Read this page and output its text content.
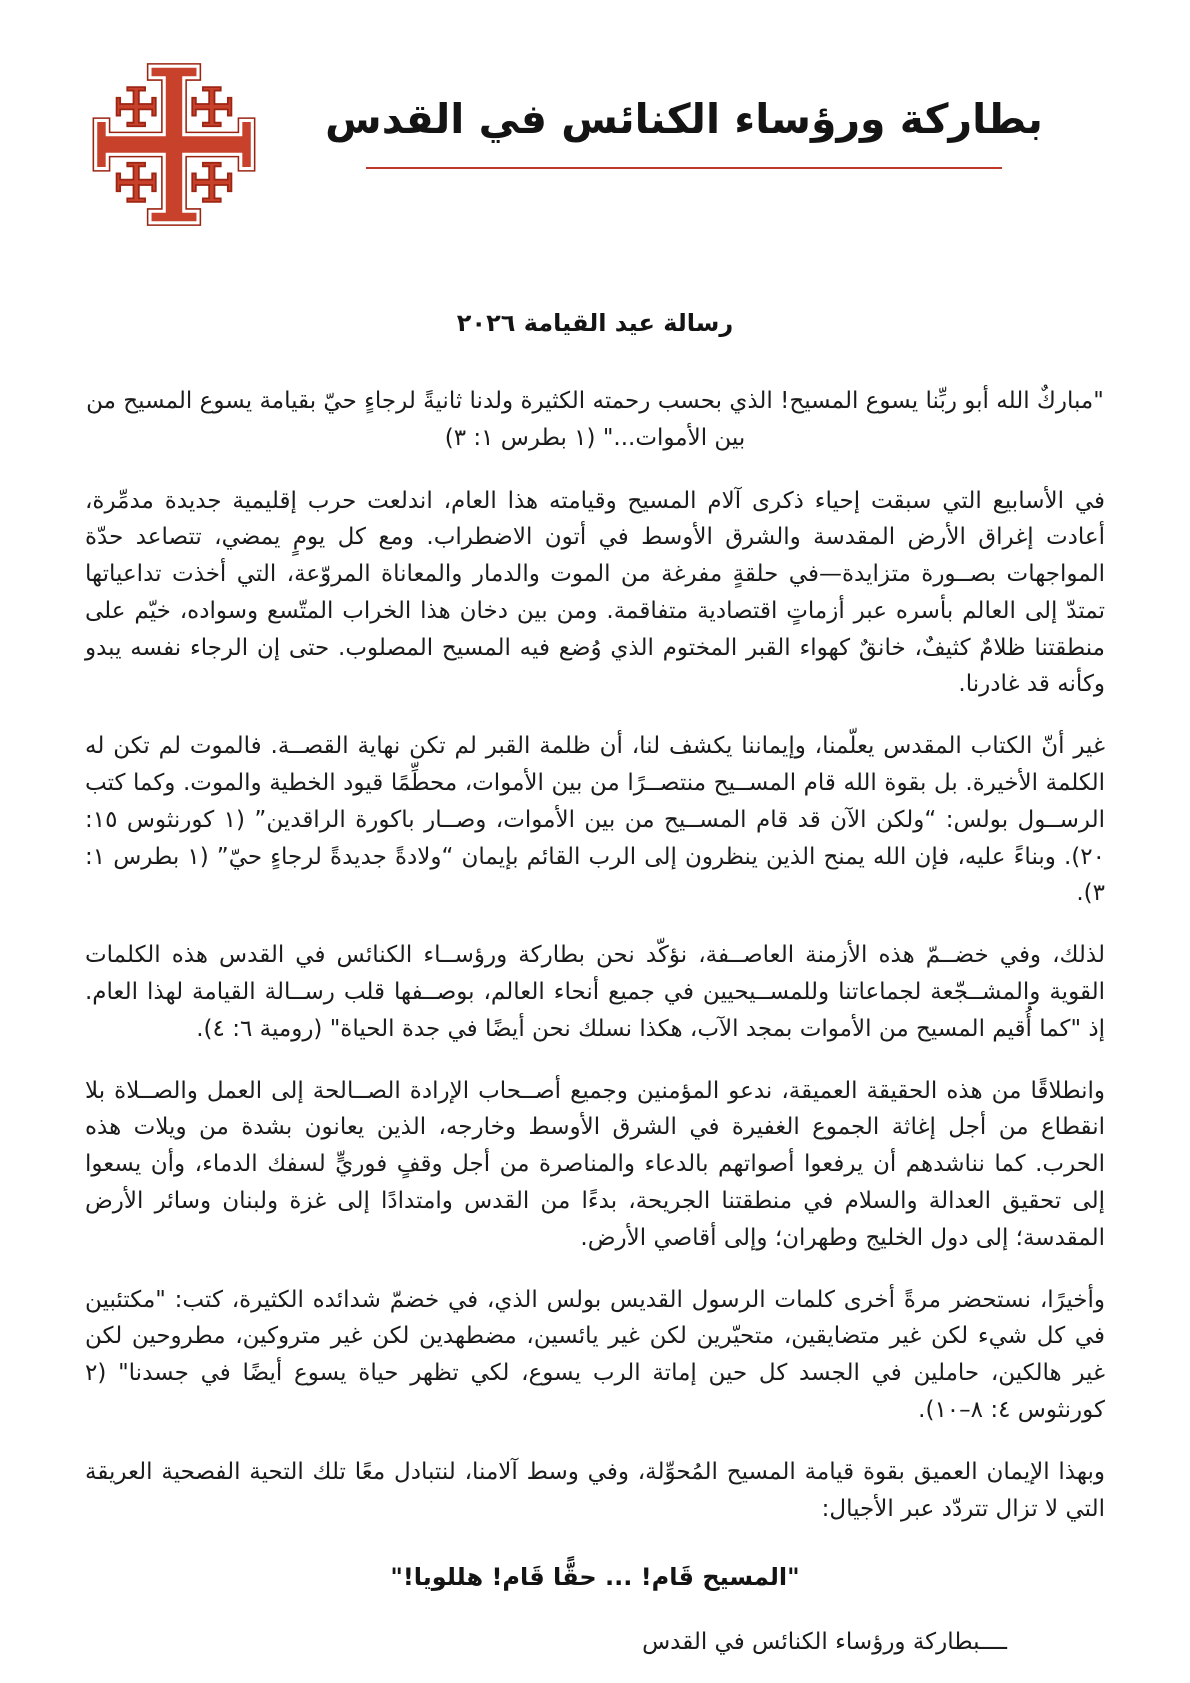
بطاركة ورؤساء الكنائس في القدس
رسالة عيد القيامة ٢٠٢٦

"مباركٌ الله أبو ربِّنا يسوع المسيح! الذي بحسب رحمته الكثيرة ولدنا ثانيةً لرجاءٍ حيّ بقيامة يسوع المسيح من بين الأموات..." (١ بطرس ١: ٣)

في الأسابيع التي سبقت إحياء ذكرى آلام المسيح وقيامته هذا العام، اندلعت حرب إقليمية جديدة مدمِّرة، أعادت إغراق الأرض المقدسة والشرق الأوسط في أتون الاضطراب. ومع كل يومٍ يمضي، تتصاعد حدّة المواجهات بصــورة متزايدة—في حلقةٍ مفرغة من الموت والدمار والمعاناة المروّعة، التي أخذت تداعياتها تمتدّ إلى العالم بأسره عبر أزماتٍ اقتصادية متفاقمة. ومن بين دخان هذا الخراب المتّسع وسواده، خيّم على منطقتنا ظلامٌ كثيفٌ، خانقٌ كهواء القبر المختوم الذي وُضع فيه المسيح المصلوب. حتى إن الرجاء نفسه يبدو وكأنه قد غادرنا.

غير أنّ الكتاب المقدس يعلّمنا، وإيماننا يكشف لنا، أن ظلمة القبر لم تكن نهاية القصــة. فالموت لم تكن له الكلمة الأخيرة. بل بقوة الله قام المســيح منتصــرًا من بين الأموات، محطِّمًا قيود الخطية والموت. وكما كتب الرســول بولس: “ولكن الآن قد قام المســيح من بين الأموات، وصــار باكورة الراقدين” (١ كورنثوس ١٥: ٢٠). وبناءً عليه، فإن الله يمنح الذين ينظرون إلى الرب القائم بإيمان “ولادةً جديدةً لرجاءٍ حيّ” (١ بطرس ١: ٣).

لذلك، وفي خضــمّ هذه الأزمنة العاصــفة، نؤكّد نحن بطاركة ورؤســاء الكنائس في القدس هذه الكلمات القوية والمشــجّعة لجماعاتنا وللمســيحيين في جميع أنحاء العالم، بوصــفها قلب رســالة القيامة لهذا العام. إذ "كما أُقيم المسيح من الأموات بمجد الآب، هكذا نسلك نحن أيضًا في جدة الحياة" (رومية ٦: ٤).

وانطلاقًا من هذه الحقيقة العميقة، ندعو المؤمنين وجميع أصــحاب الإرادة الصــالحة إلى العمل والصــلاة بلا انقطاع من أجل إغاثة الجموع الغفيرة في الشرق الأوسط وخارجه، الذين يعانون بشدة من ويلات هذه الحرب. كما نناشدهم أن يرفعوا أصواتهم بالدعاء والمناصرة من أجل وقفٍ فوريٍّ لسفك الدماء، وأن يسعوا إلى تحقيق العدالة والسلام في منطقتنا الجريحة، بدءًا من القدس وامتدادًا إلى غزة ولبنان وسائر الأرض المقدسة؛ إلى دول الخليج وطهران؛ وإلى أقاصي الأرض.

وأخيرًا، نستحضر مرةً أخرى كلمات الرسول القديس بولس الذي، في خضمّ شدائده الكثيرة، كتب: "مكتئبين في كل شيء لكن غير متضايقين، متحيّرين لكن غير يائسين، مضطهدين لكن غير متروكين، مطروحين لكن غير هالكين، حاملين في الجسد كل حين إماتة الرب يسوع، لكي تظهر حياة يسوع أيضًا في جسدنا" (٢ كورنثوس ٤: ٨–١٠).

وبهذا الإيمان العميق بقوة قيامة المسيح المُحوِّلة، وفي وسط آلامنا، لنتبادل معًا تلك التحية الفصحية العريقة التي لا تزال تتردّد عبر الأجيال:

"المسيح قَام! ... حقًّا قَام! هللويا!"

ــــبطاركة ورؤساء الكنائس في القدس
